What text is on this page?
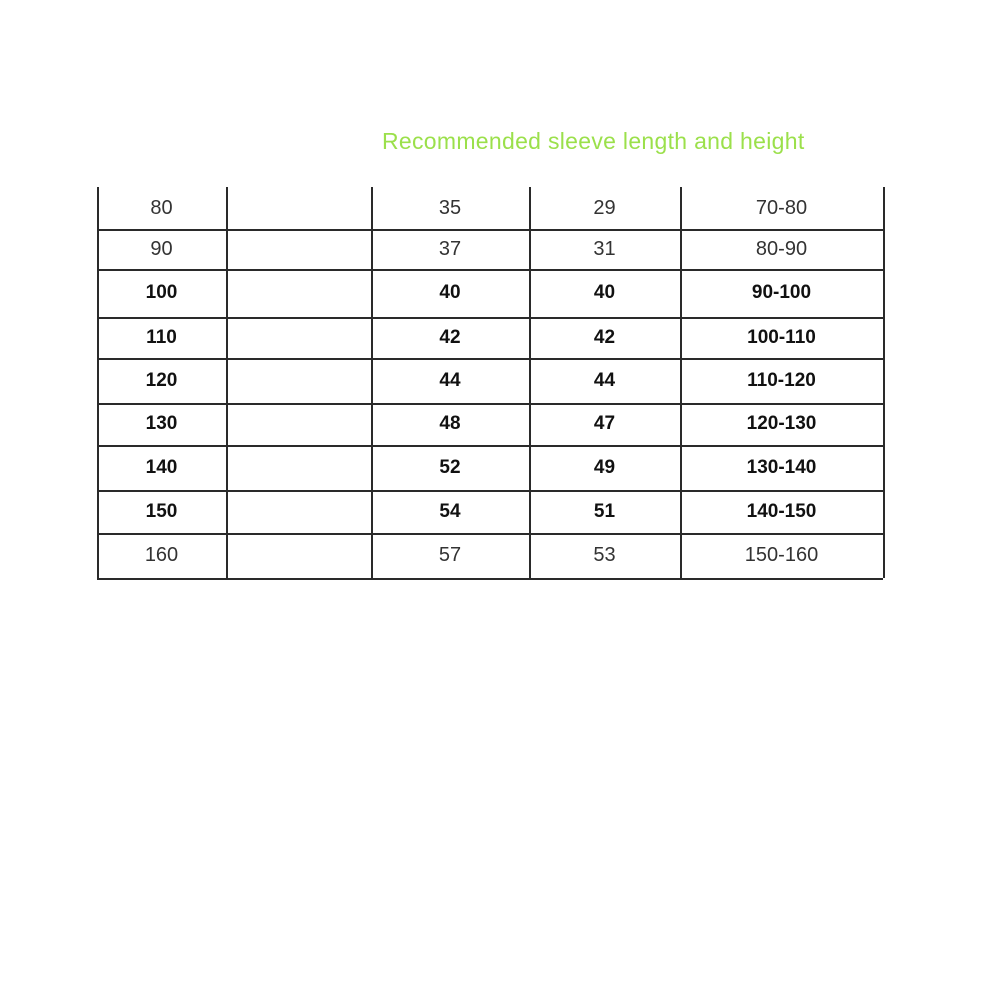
Recommended sleeve length and height
80	35	29	70-80
90	37	31	80-90
100	40	40	90-100
110	42	42	100-110
120	44	44	110-120
130	48	47	120-130
140	52	49	130-140
150	54	51	140-150
160	57	53	150-160
